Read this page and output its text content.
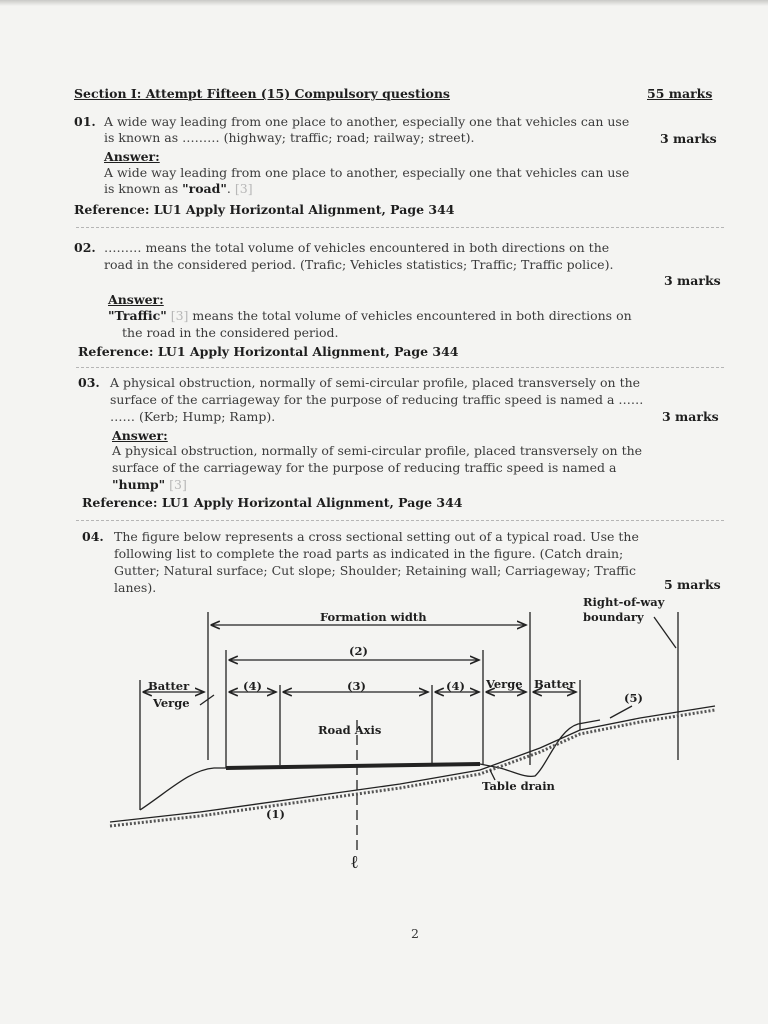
Section I: Attempt Fifteen (15) Compulsory questions	55 marks
01. A wide way leading from one place to another, especially one that vehicles can use
is known as ……… (highway; traffic; road; railway; street).	3 marks
Answer:
A wide way leading from one place to another, especially one that vehicles can use
is known as "road". [3]
Reference: LU1 Apply Horizontal Alignment, Page 344
02. ……… means the total volume of vehicles encountered in both directions on the
road in the considered period. (Trafic; Vehicles statistics; Traffic; Traffic police).
3 marks
Answer:
"Traffic" [3] means the total volume of vehicles encountered in both directions on
the road in the considered period.
Reference: LU1 Apply Horizontal Alignment, Page 344
03. A physical obstruction, normally of semi-circular profile, placed transversely on the
surface of the carriageway for the purpose of reducing traffic speed is named a ……
…… (Kerb; Hump; Ramp).	3 marks
Answer:
A physical obstruction, normally of semi-circular profile, placed transversely on the
surface of the carriageway for the purpose of reducing traffic speed is named a
"hump" [3]
Reference: LU1 Apply Horizontal Alignment, Page 344
04. The figure below represents a cross sectional setting out of a typical road. Use the
following list to complete the road parts as indicated in the figure. (Catch drain;
Gutter; Natural surface; Cut slope; Shoulder; Retaining wall; Carriageway; Traffic
lanes).	5 marks
Formation width
(2)
(4)	(3)	(4) Verge Batter
Batter
Verge
Road Axis
Table drain
(1)
(5)
Right-of-way
boundary
ℓ
2
